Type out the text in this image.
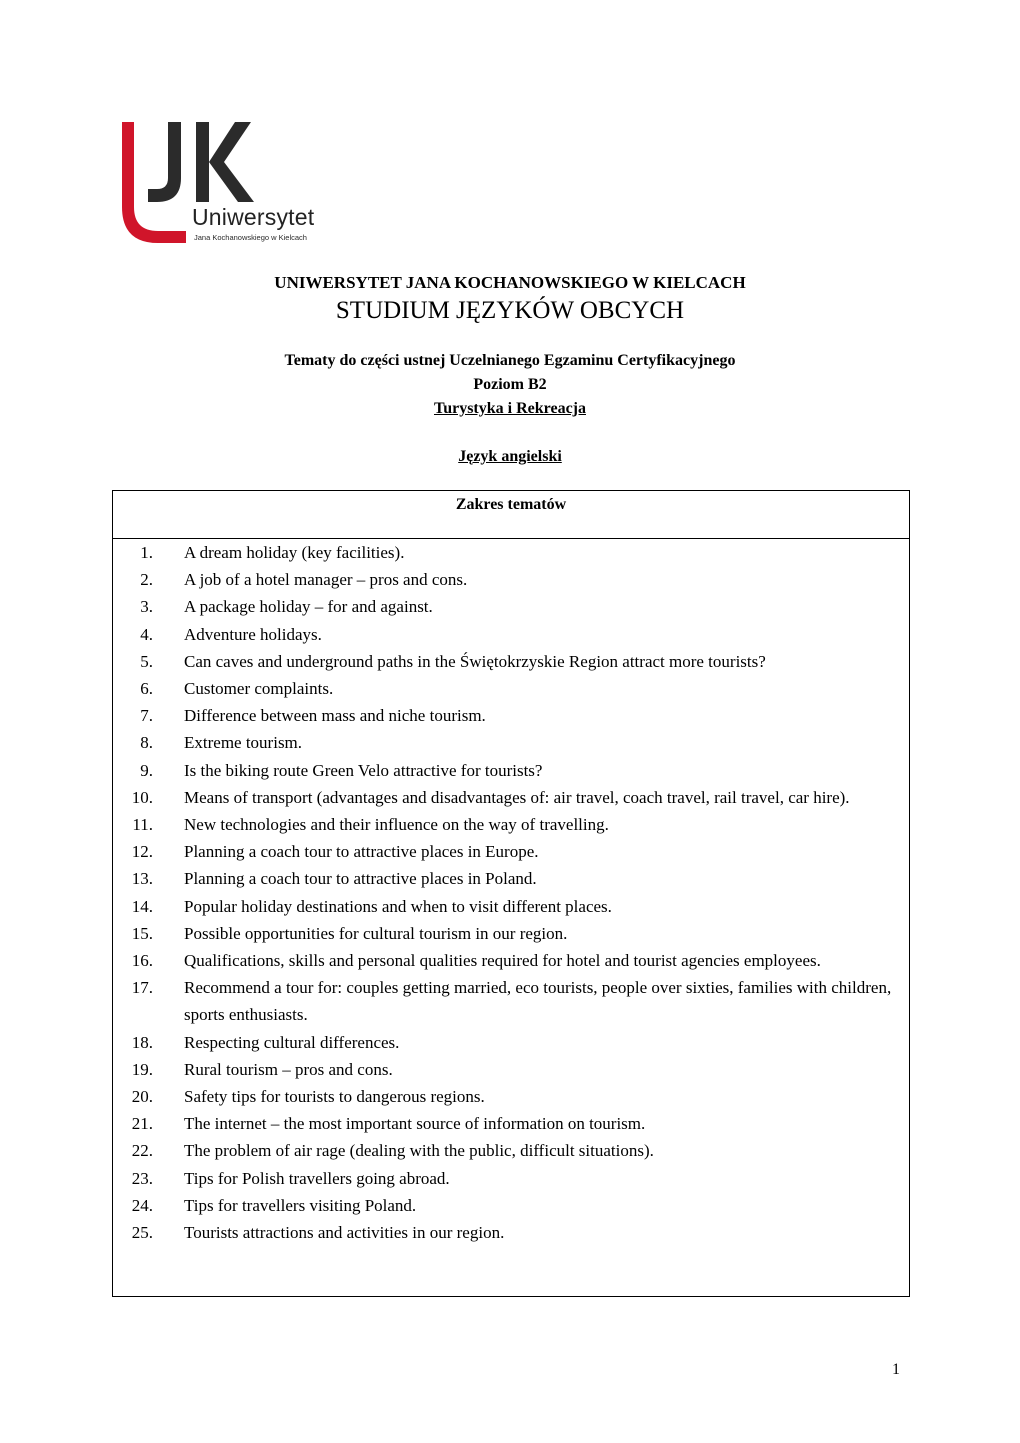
Uniwersytet
Jana Kochanowskiego w Kielcach
UNIWERSYTET JANA KOCHANOWSKIEGO W KIELCACH
STUDIUM JĘZYKÓW OBCYCH
Tematy do części ustnej Uczelnianego Egzaminu Certyfikacyjnego
Poziom B2
Turystyka i Rekreacja
Język angielski
Zakres tematów
1. A dream holiday (key facilities).
2. A job of a hotel manager – pros and cons.
3. A package holiday – for and against.
4. Adventure holidays.
5. Can caves and underground paths in the Świętokrzyskie Region attract more tourists?
6. Customer complaints.
7. Difference between mass and niche tourism.
8. Extreme tourism.
9. Is the biking route Green Velo attractive for tourists?
10. Means of transport (advantages and disadvantages of: air travel, coach travel, rail travel, car hire).
11. New technologies and their influence on the way of travelling.
12. Planning a coach tour to attractive places in Europe.
13. Planning a coach tour to attractive places in Poland.
14. Popular holiday destinations and when to visit different places.
15. Possible opportunities for cultural tourism in our region.
16. Qualifications, skills and personal qualities required for hotel and tourist agencies employees.
17. Recommend a tour for: couples getting married, eco tourists, people over sixties, families with children, sports enthusiasts.
18. Respecting cultural differences.
19. Rural tourism – pros and cons.
20. Safety tips for tourists to dangerous regions.
21. The internet – the most important source of information on tourism.
22. The problem of air rage (dealing with the public, difficult situations).
23. Tips for Polish travellers going abroad.
24. Tips for travellers visiting Poland.
25. Tourists attractions and activities in our region.
1
